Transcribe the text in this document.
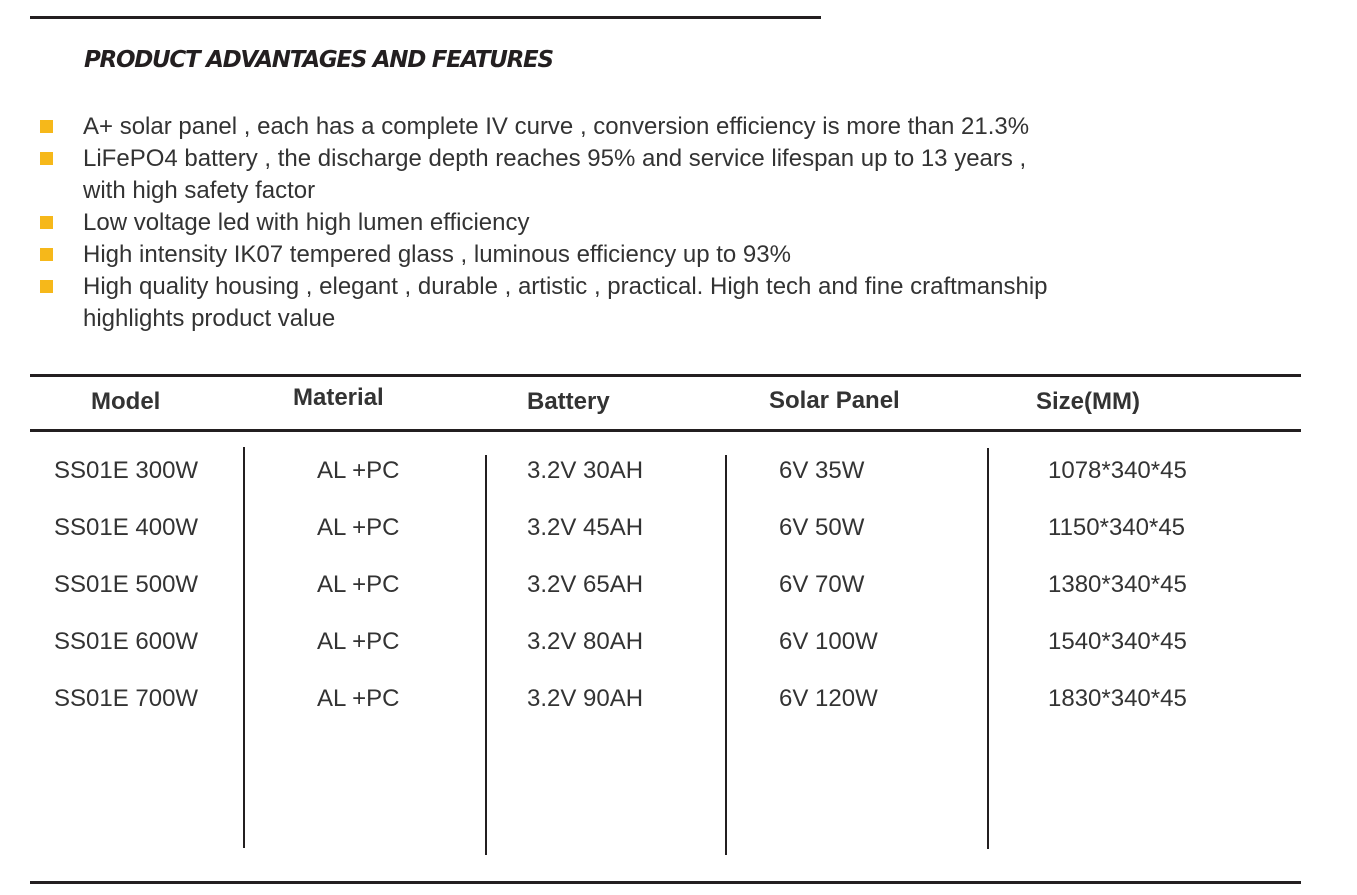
PRODUCT ADVANTAGES AND FEATURES
A+ solar panel , each has a complete IV curve , conversion efficiency is more than 21.3%
LiFePO4 battery , the discharge depth reaches 95% and service lifespan up to 13 years ,
with high safety factor
Low voltage led with high lumen efficiency
High intensity IK07 tempered glass , luminous efficiency up to 93%
High quality housing , elegant , durable , artistic , practical. High tech and fine craftmanship
highlights product value
Model	Material	Battery	Solar Panel	Size(MM)
SS01E 300W	AL +PC	3.2V 30AH	6V 35W	1078*340*45
SS01E 400W	AL +PC	3.2V 45AH	6V 50W	1150*340*45
SS01E 500W	AL +PC	3.2V 65AH	6V 70W	1380*340*45
SS01E 600W	AL +PC	3.2V 80AH	6V 100W	1540*340*45
SS01E 700W	AL +PC	3.2V 90AH	6V 120W	1830*340*45
